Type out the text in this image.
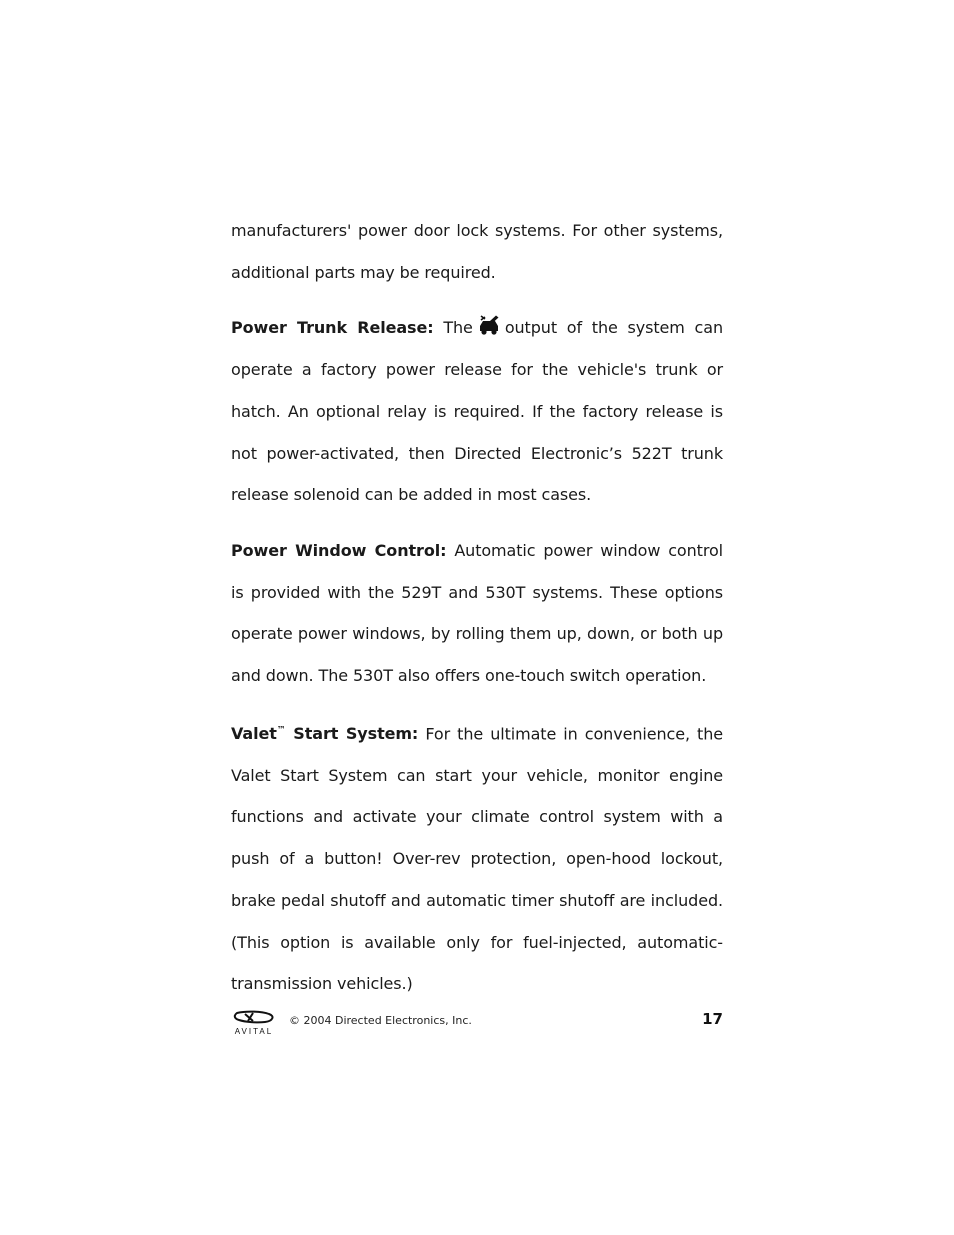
manufacturers' power door lock systems. For other systems, additional parts may be required.

Power Trunk Release: The output of the system can operate a factory power release for the vehicle's trunk or hatch. An optional relay is required. If the factory release is not power-activated, then Directed Electronic’s 522T trunk release solenoid can be added in most cases.

Power Window Control: Automatic power window control is provided with the 529T and 530T systems. These options operate power windows, by rolling them up, down, or both up and down. The 530T also offers one-touch switch operation.

Valet™ Start System: For the ultimate in convenience, the Valet Start System can start your vehicle, monitor engine functions and activate your climate control system with a push of a button! Over-rev protection, open-hood lockout, brake pedal shutoff and automatic timer shutoff are included. (This option is available only for fuel-injected, automatic-transmission vehicles.)

AVITAL
© 2004 Directed Electronics, Inc.	17
